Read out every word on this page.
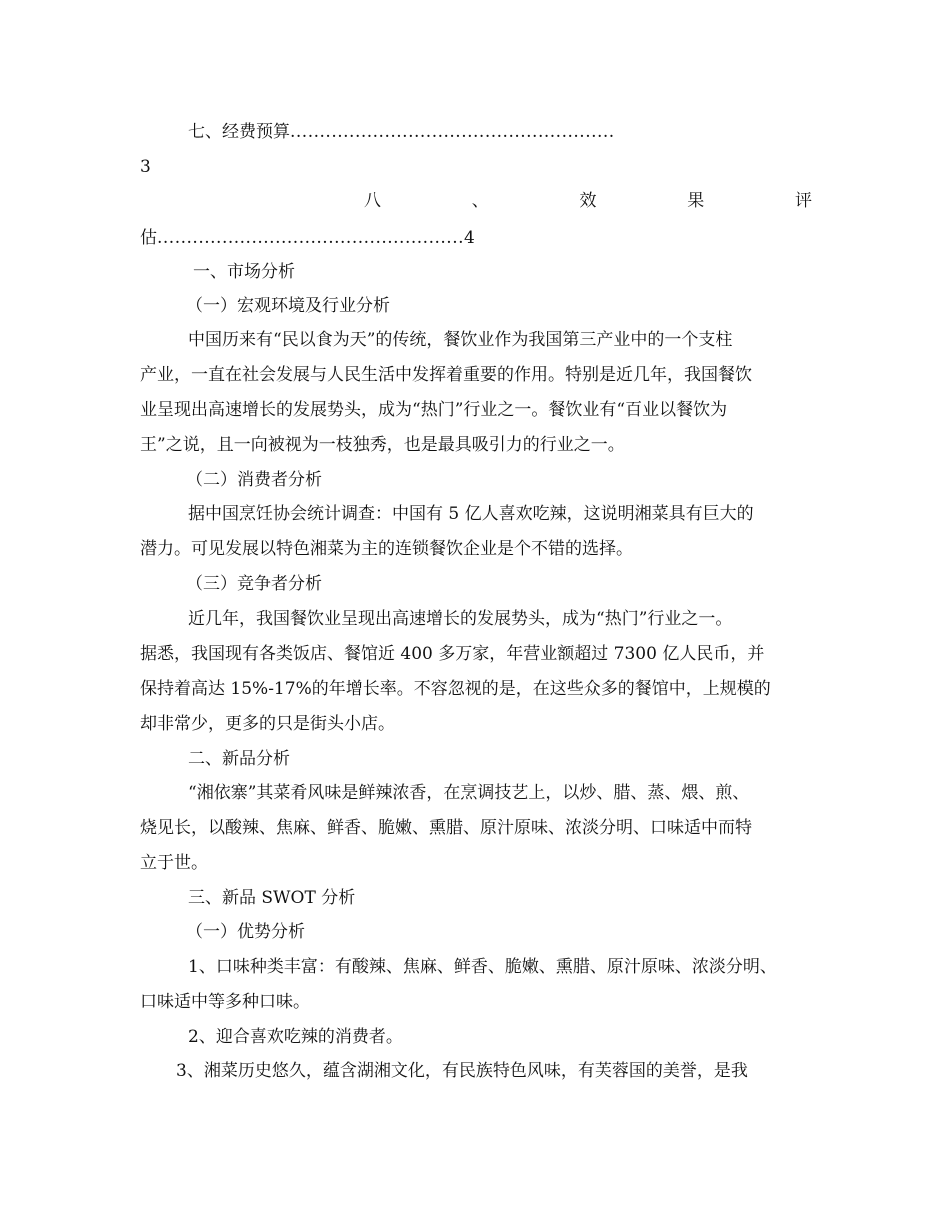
七、经费预算.......................................................
3
八	、	效	果	评
估....................................................4
一、市场分析
（一）宏观环境及行业分析
中国历来有“民以食为天”的传统，餐饮业作为我国第三产业中的一个支柱
产业，一直在社会发展与人民生活中发挥着重要的作用。特别是近几年，我国餐饮
业呈现出高速增长的发展势头，成为“热门”行业之一。餐饮业有“百业以餐饮为
王”之说，且一向被视为一枝独秀，也是最具吸引力的行业之一。
（二）消费者分析
据中国烹饪协会统计调查：中国有 5 亿人喜欢吃辣，这说明湘菜具有巨大的
潜力。可见发展以特色湘菜为主的连锁餐饮企业是个不错的选择。
（三）竞争者分析
近几年，我国餐饮业呈现出高速增长的发展势头，成为“热门”行业之一。
据悉，我国现有各类饭店、餐馆近 400 多万家，年营业额超过 7300 亿人民币，并
保持着高达 15%-17%的年增长率。不容忽视的是，在这些众多的餐馆中，上规模的
却非常少，更多的只是街头小店。
二、新品分析
“湘依寨”其菜肴风味是鲜辣浓香，在烹调技艺上，以炒、腊、蒸、煨、煎、
烧见长，以酸辣、焦麻、鲜香、脆嫩、熏腊、原汁原味、浓淡分明、口味适中而特
立于世。
三、新品 SWOT 分析
（一）优势分析
1、口味种类丰富：有酸辣、焦麻、鲜香、脆嫩、熏腊、原汁原味、浓淡分明、
口味适中等多种口味。
2、迎合喜欢吃辣的消费者。
3、湘菜历史悠久，蕴含湖湘文化，有民族特色风味，有芙蓉国的美誉，是我
